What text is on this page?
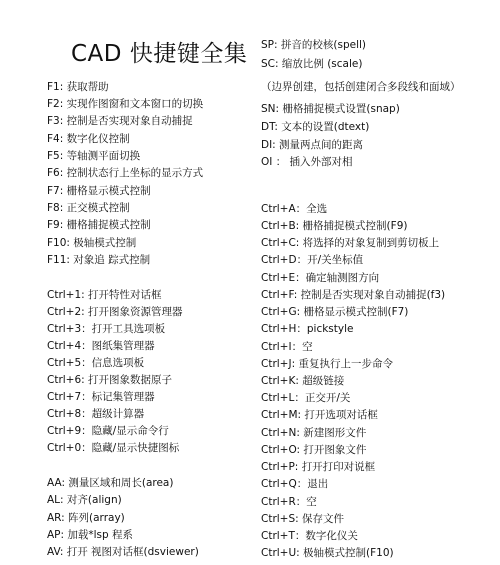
CAD 快捷键全集
F1: 获取帮助
F2: 实现作图窗和文本窗口的切换
F3: 控制是否实现对象自动捕捉
F4: 数字化仪控制
F5: 等轴测平面切换
F6: 控制状态行上坐标的显示方式
F7: 栅格显示模式控制
F8: 正交模式控制
F9: 栅格捕捉模式控制
F10: 极轴模式控制
F11: 对象追 踪式控制
Ctrl+1: 打开特性对话框
Ctrl+2: 打开图象资源管理器
Ctrl+3：打开工具选项板
Ctrl+4：图纸集管理器
Ctrl+5：信息选项板
Ctrl+6: 打开图象数据原子
Ctrl+7：标记集管理器
Ctrl+8：超级计算器
Ctrl+9：隐藏/显示命令行
Ctrl+0：隐藏/显示快捷图标
AA: 测量区域和周长(area)
AL: 对齐(align)
AR: 阵列(array)
AP: 加载*lsp 程系
AV: 打开 视图对话框(dsviewer)
SP: 拼音的校核(spell)
SC: 缩放比例 (scale)
（边界创建，包括创建闭合多段线和面域）
SN: 栅格捕捉模式设置(snap)
DT: 文本的设置(dtext)
DI: 测量两点间的距离
OI ： 插入外部对相
Ctrl+A：全选
Ctrl+B: 栅格捕捉模式控制(F9)
Ctrl+C: 将选择的对象复制到剪切板上
Ctrl+D：开/关坐标值
Ctrl+E：确定轴测图方向
Ctrl+F: 控制是否实现对象自动捕捉(f3)
Ctrl+G: 栅格显示模式控制(F7)
Ctrl+H：pickstyle
Ctrl+I：空
Ctrl+J: 重复执行上一步命令
Ctrl+K: 超级链接
Ctrl+L：正交开/关
Ctrl+M: 打开选项对话框
Ctrl+N: 新建图形文件
Ctrl+O: 打开图象文件
Ctrl+P: 打开打印对说框
Ctrl+Q：退出
Ctrl+R：空
Ctrl+S: 保存文件
Ctrl+T：数字化仪关
Ctrl+U: 极轴模式控制(F10)
